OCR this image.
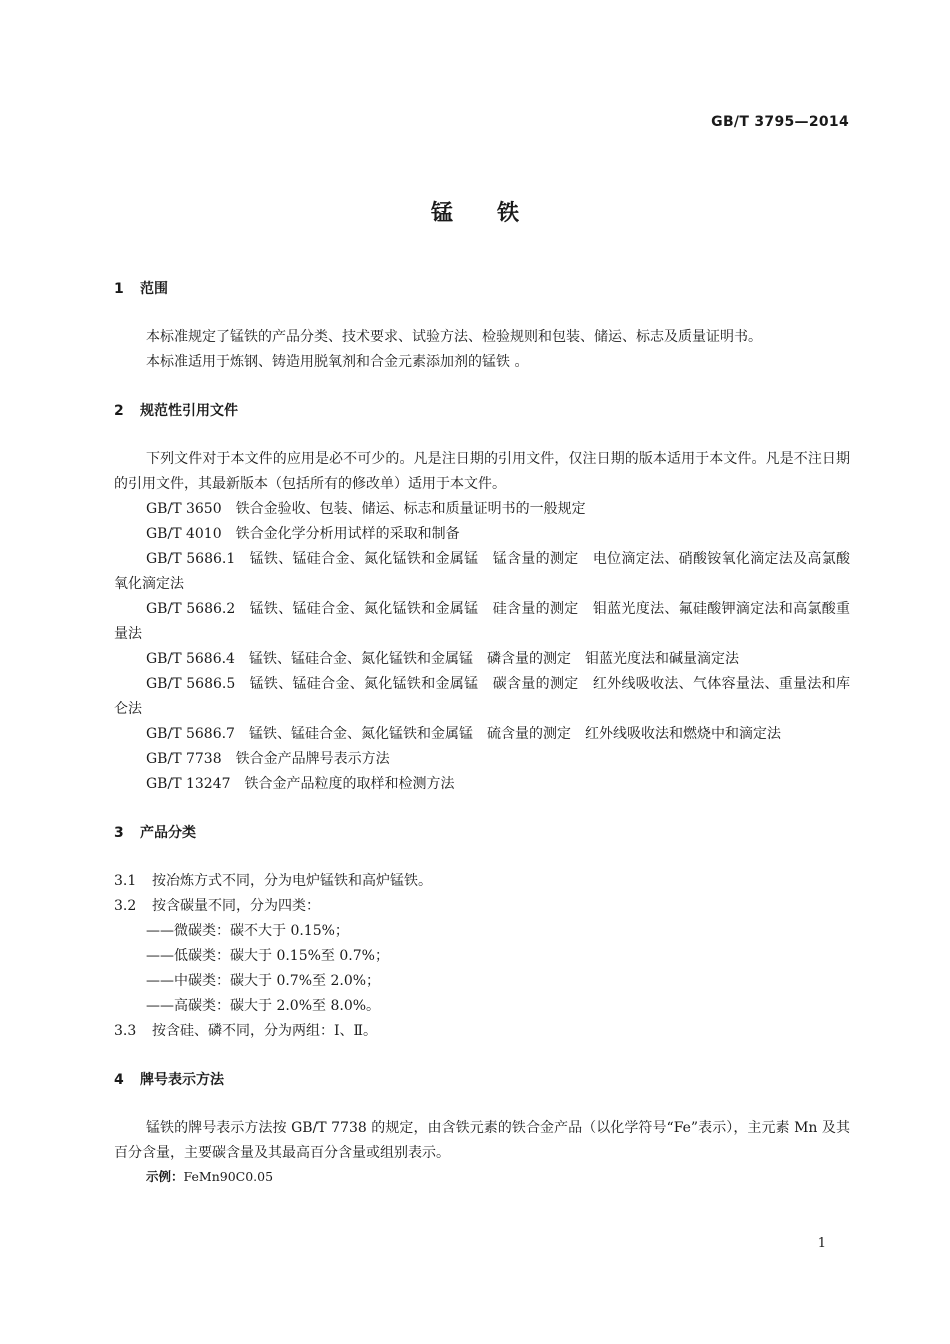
GB/T 3795—2014
锰铁
1 范围
本标准规定了锰铁的产品分类、技术要求、试验方法、检验规则和包装、储运、标志及质量证明书。
本标准适用于炼钢、铸造用脱氧剂和合金元素添加剂的锰铁 。
2 规范性引用文件
下列文件对于本文件的应用是必不可少的。凡是注日期的引用文件，仅注日期的版本适用于本文件。凡是不注日期的引用文件，其最新版本（包括所有的修改单）适用于本文件。
GB/T 3650 铁合金验收、包装、储运、标志和质量证明书的一般规定
GB/T 4010 铁合金化学分析用试样的采取和制备
GB/T 5686.1 锰铁、锰硅合金、氮化锰铁和金属锰　锰含量的测定　电位滴定法、硝酸铵氧化滴定法及高氯酸氧化滴定法
GB/T 5686.2 锰铁、锰硅合金、氮化锰铁和金属锰　硅含量的测定　钼蓝光度法、氟硅酸钾滴定法和高氯酸重量法
GB/T 5686.4 锰铁、锰硅合金、氮化锰铁和金属锰　磷含量的测定　钼蓝光度法和碱量滴定法
GB/T 5686.5 锰铁、锰硅合金、氮化锰铁和金属锰　碳含量的测定　红外线吸收法、气体容量法、重量法和库仑法
GB/T 5686.7 锰铁、锰硅合金、氮化锰铁和金属锰　硫含量的测定　红外线吸收法和燃烧中和滴定法
GB/T 7738 铁合金产品牌号表示方法
GB/T 13247 铁合金产品粒度的取样和检测方法
3 产品分类
3.1 按冶炼方式不同，分为电炉锰铁和高炉锰铁。
3.2 按含碳量不同，分为四类：
——微碳类：碳不大于 0.15%；
——低碳类：碳大于 0.15%至 0.7%；
——中碳类：碳大于 0.7%至 2.0%；
——高碳类：碳大于 2.0%至 8.0%。
3.3 按含硅、磷不同，分为两组：Ⅰ、Ⅱ。
4 牌号表示方法
锰铁的牌号表示方法按 GB/T 7738 的规定，由含铁元素的铁合金产品（以化学符号“Fe”表示），主元素 Mn 及其百分含量，主要碳含量及其最高百分含量或组别表示。
示例：FeMn90C0.05
1
